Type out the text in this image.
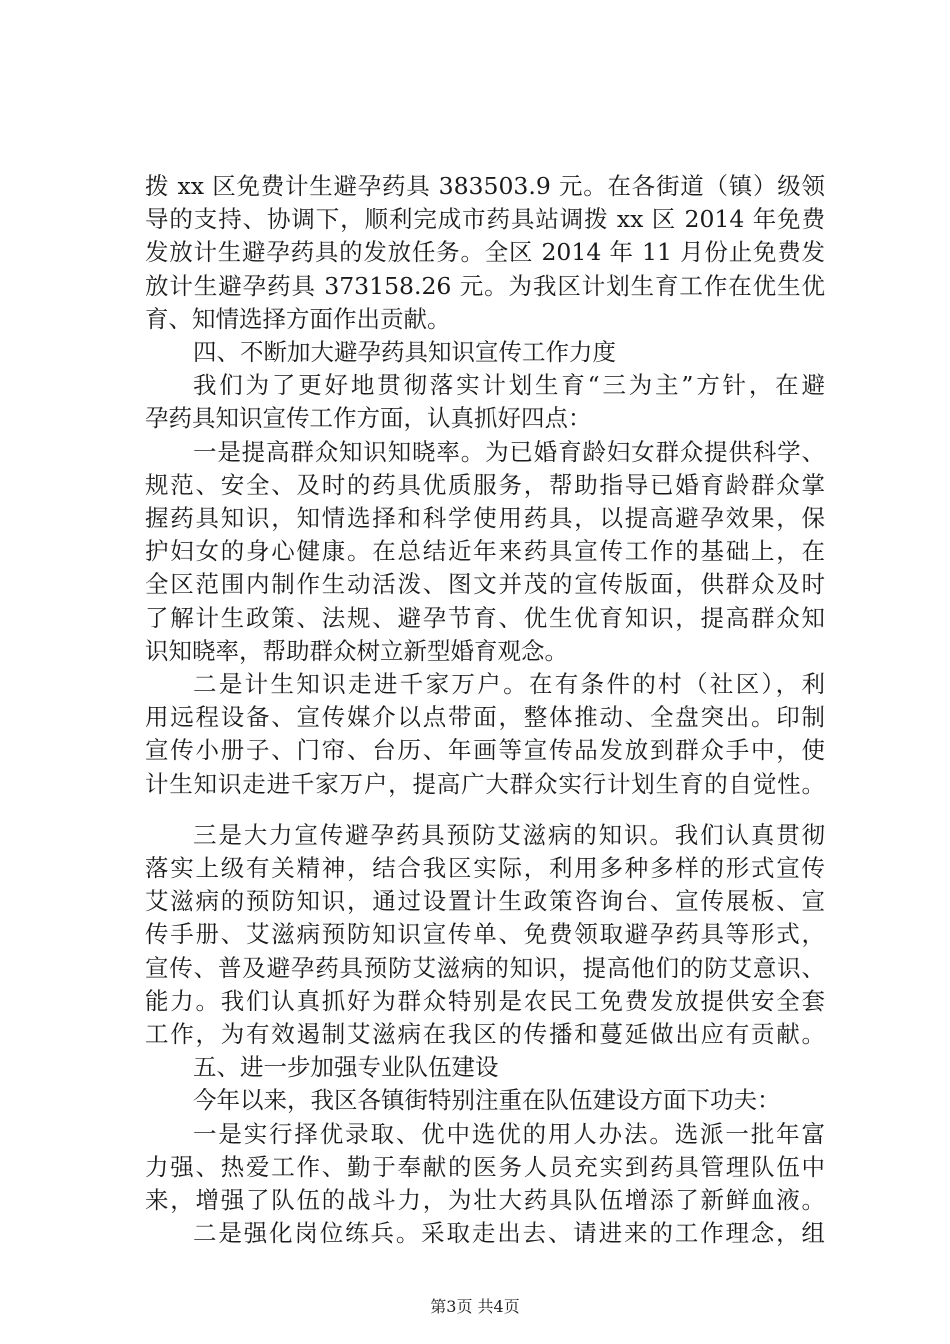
拨 xx 区免费计生避孕药具 383503.9 元。在各街道（镇）级领
导的支持、协调下，顺利完成市药具站调拨 xx 区 2014 年免费
发放计生避孕药具的发放任务。全区 2014 年 11 月份止免费发
放计生避孕药具 373158.26 元。为我区计划生育工作在优生优
育、知情选择方面作出贡献。
四、不断加大避孕药具知识宣传工作力度
我们为了更好地贯彻落实计划生育“三为主”方针，在避
孕药具知识宣传工作方面，认真抓好四点：
一是提高群众知识知晓率。为已婚育龄妇女群众提供科学、
规范、安全、及时的药具优质服务，帮助指导已婚育龄群众掌
握药具知识，知情选择和科学使用药具，以提高避孕效果，保
护妇女的身心健康。在总结近年来药具宣传工作的基础上，在
全区范围内制作生动活泼、图文并茂的宣传版面，供群众及时
了解计生政策、法规、避孕节育、优生优育知识，提高群众知
识知晓率，帮助群众树立新型婚育观念。
二是计生知识走进千家万户。在有条件的村（社区），利
用远程设备、宣传媒介以点带面，整体推动、全盘突出。印制
宣传小册子、门帘、台历、年画等宣传品发放到群众手中，使
计生知识走进千家万户，提高广大群众实行计划生育的自觉性。
三是大力宣传避孕药具预防艾滋病的知识。我们认真贯彻
落实上级有关精神，结合我区实际，利用多种多样的形式宣传
艾滋病的预防知识，通过设置计生政策咨询台、宣传展板、宣
传手册、艾滋病预防知识宣传单、免费领取避孕药具等形式，
宣传、普及避孕药具预防艾滋病的知识，提高他们的防艾意识、
能力。我们认真抓好为群众特别是农民工免费发放提供安全套
工作，为有效遏制艾滋病在我区的传播和蔓延做出应有贡献。
五、进一步加强专业队伍建设
今年以来，我区各镇街特别注重在队伍建设方面下功夫：
一是实行择优录取、优中选优的用人办法。选派一批年富
力强、热爱工作、勤于奉献的医务人员充实到药具管理队伍中
来，增强了队伍的战斗力，为壮大药具队伍增添了新鲜血液。
二是强化岗位练兵。采取走出去、请进来的工作理念，组
第3页 共4页
